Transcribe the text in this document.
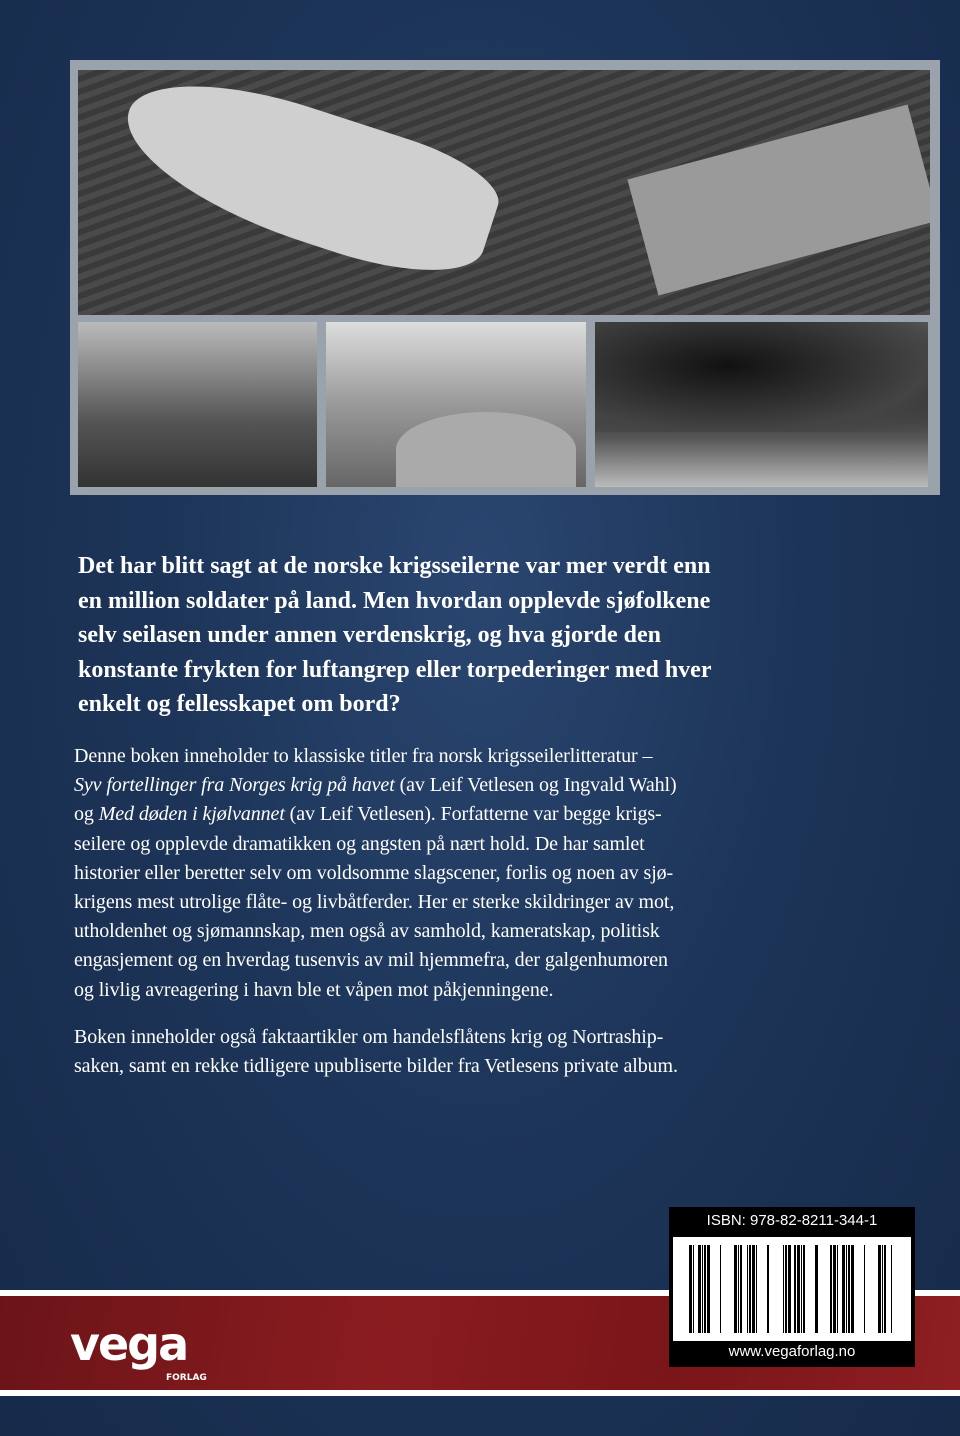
Det har blitt sagt at de norske krigsseilerne var mer verdt enn
en million soldater på land. Men hvordan opplevde sjøfolkene
selv seilasen under annen verdenskrig, og hva gjorde den
konstante frykten for luftangrep eller torpederinger med hver
enkelt og fellesskapet om bord?

Denne boken inneholder to klassiske titler fra norsk krigsseilerlitteratur –
Syv fortellinger fra Norges krig på havet (av Leif Vetlesen og Ingvald Wahl)
og Med døden i kjølvannet (av Leif Vetlesen). Forfatterne var begge krigs-
seilere og opplevde dramatikken og angsten på nært hold. De har samlet
historier eller beretter selv om voldsomme slagscener, forlis og noen av sjø-
krigens mest utrolige flåte- og livbåtferder. Her er sterke skildringer av mot,
utholdenhet og sjømannskap, men også av samhold, kameratskap, politisk
engasjement og en hverdag tusenvis av mil hjemmefra, der galgenhumoren
og livlig avreagering i havn ble et våpen mot påkjenningene.

Boken inneholder også faktaartikler om handelsflåtens krig og Nortraship-
saken, samt en rekke tidligere upubliserte bilder fra Vetlesens private album.

vega
FORLAG
ISBN: 978-82-8211-344-1
www.vegaforlag.no
